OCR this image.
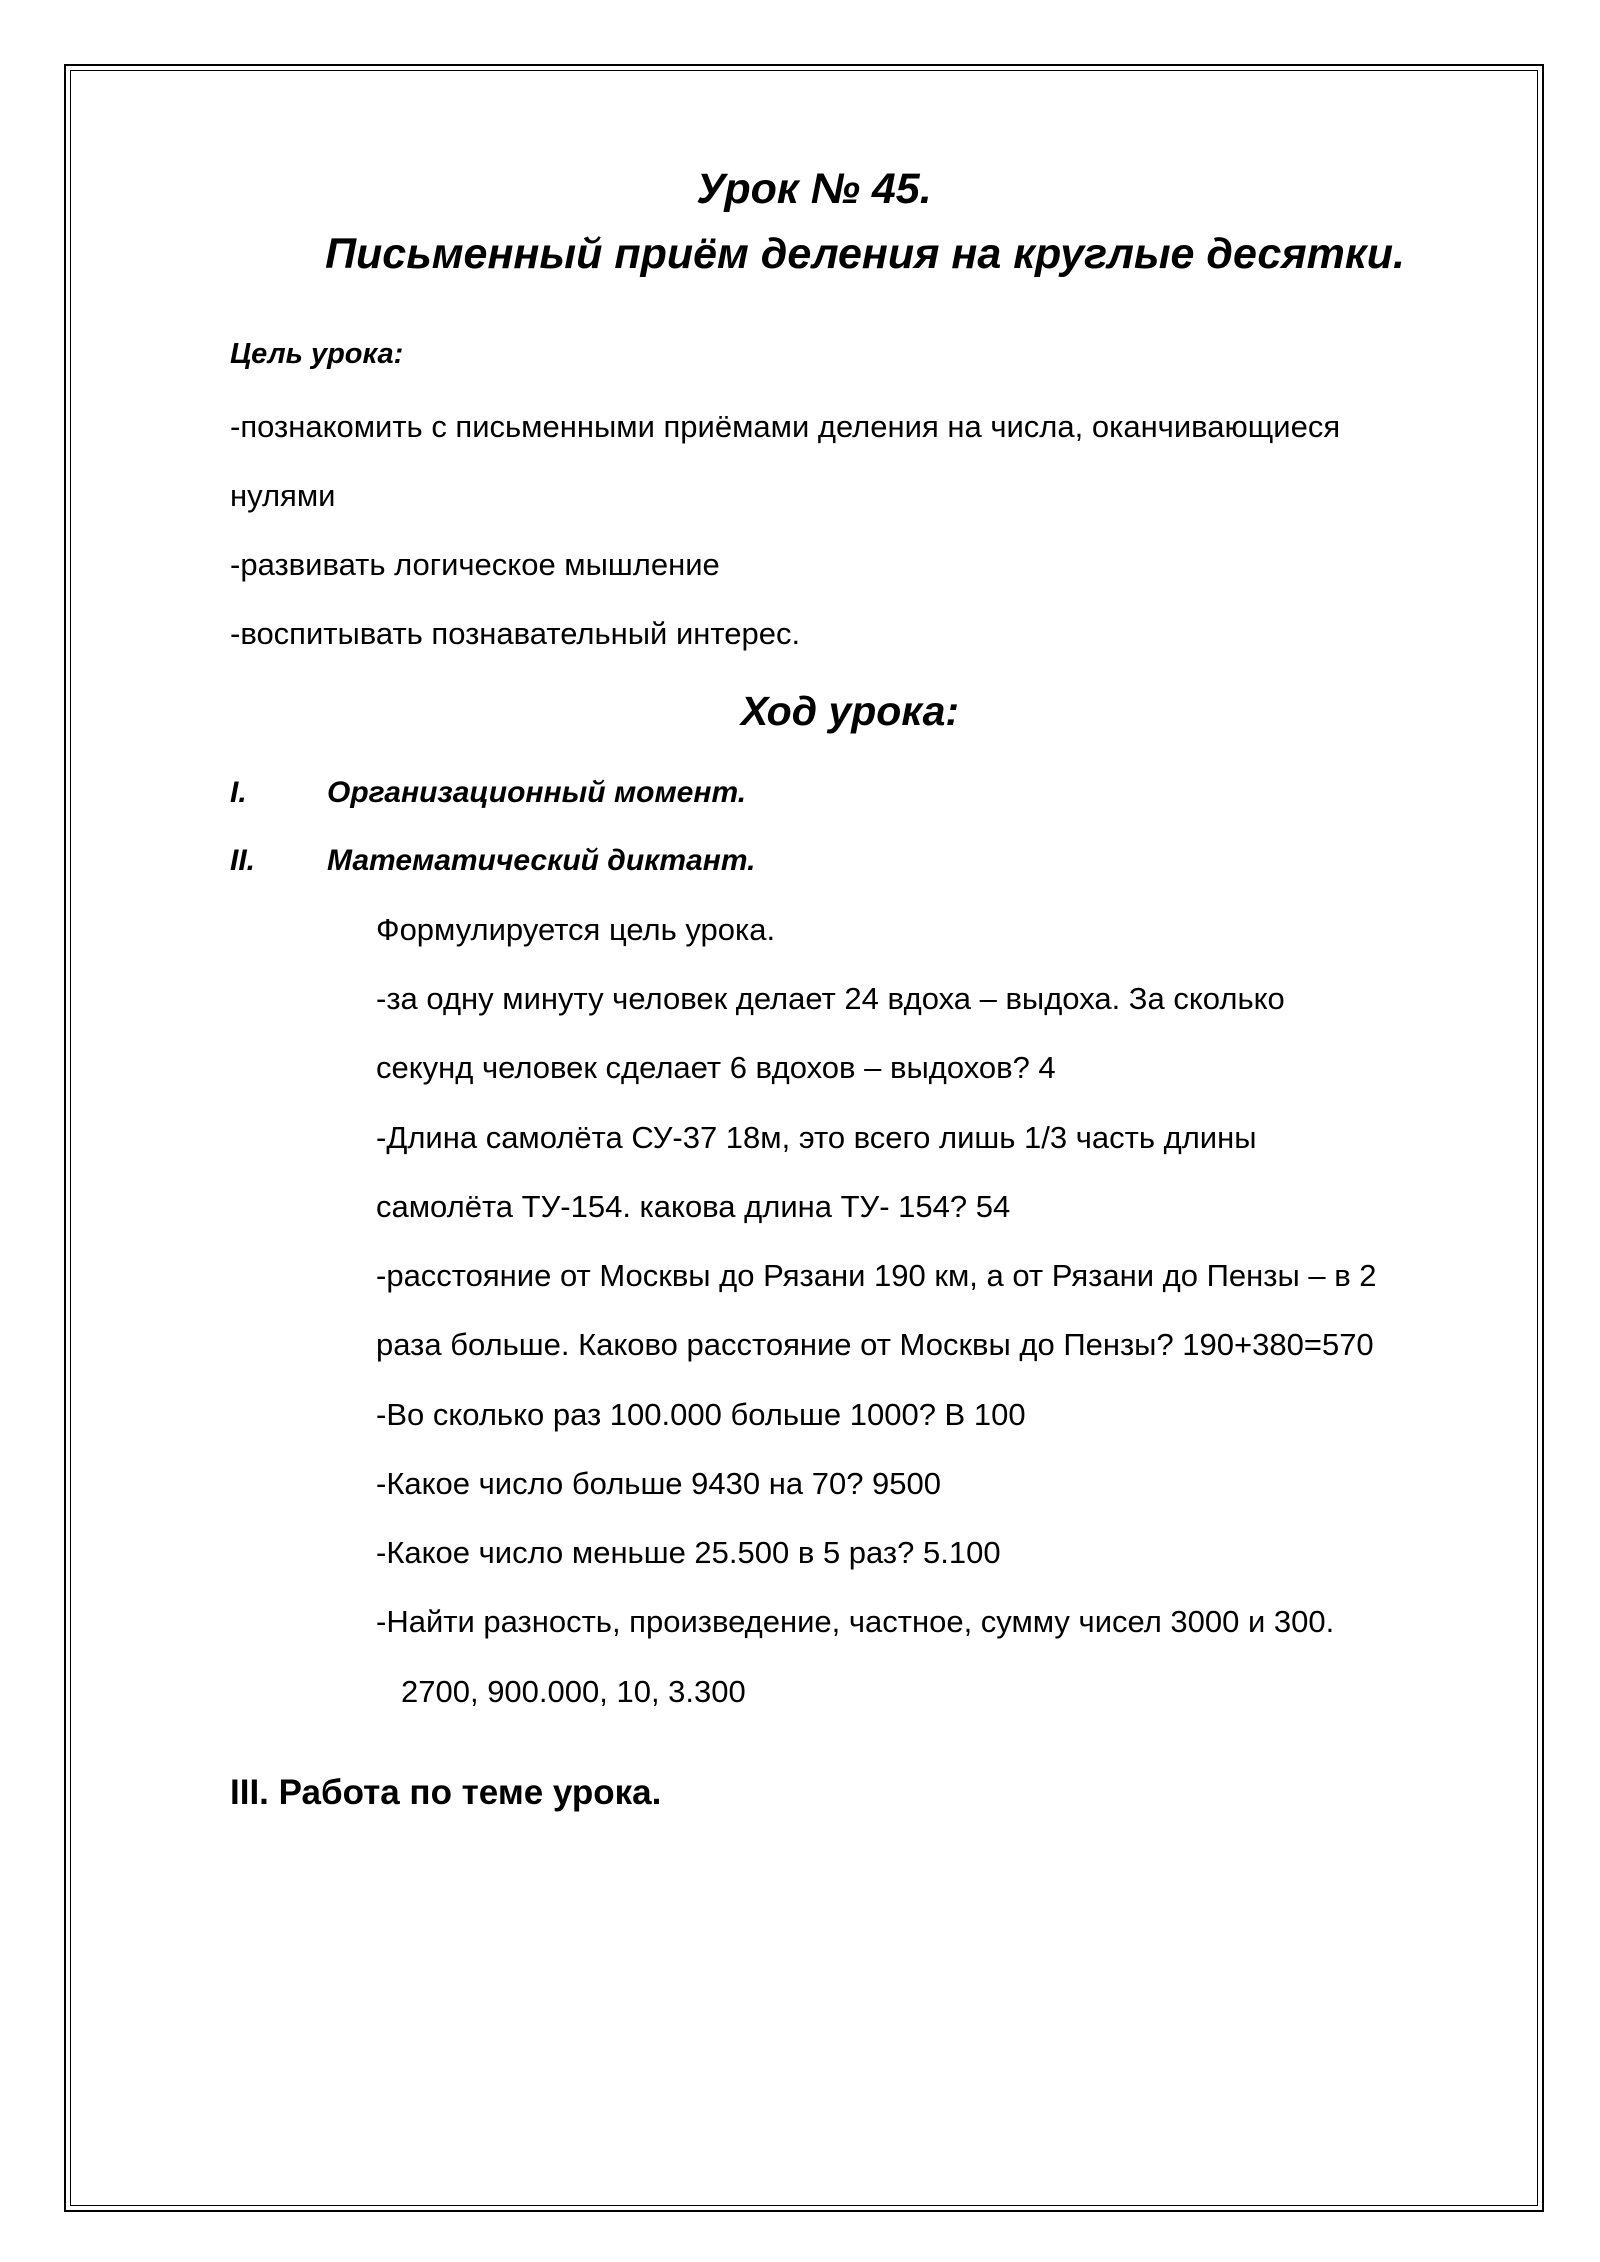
Урок № 45.
Письменный приём деления на круглые десятки.
Цель урока:
-познакомить с письменными приёмами деления на числа, оканчивающиеся
нулями
-развивать логическое мышление
-воспитывать познавательный интерес.
Ход урока:
I.	Организационный момент.
II. Математический диктант.
Формулируется цель урока.
-за одну минуту человек делает 24 вдоха – выдоха. За сколько
секунд человек сделает 6 вдохов – выдохов? 4
-Длина самолёта СУ-37 18м, это всего лишь 1/3 часть длины
самолёта ТУ-154. какова длина ТУ- 154? 54
-расстояние от Москвы до Рязани 190 км, а от Рязани до Пензы – в 2
раза больше. Каково расстояние от Москвы до Пензы? 190+380=570
-Во сколько раз 100.000 больше 1000? В 100
-Какое число больше 9430 на 70? 9500
-Какое число меньше 25.500 в 5 раз? 5.100
-Найти разность, произведение, частное, сумму чисел 3000 и 300.
2700, 900.000, 10, 3.300
III. Работа по теме урока.
